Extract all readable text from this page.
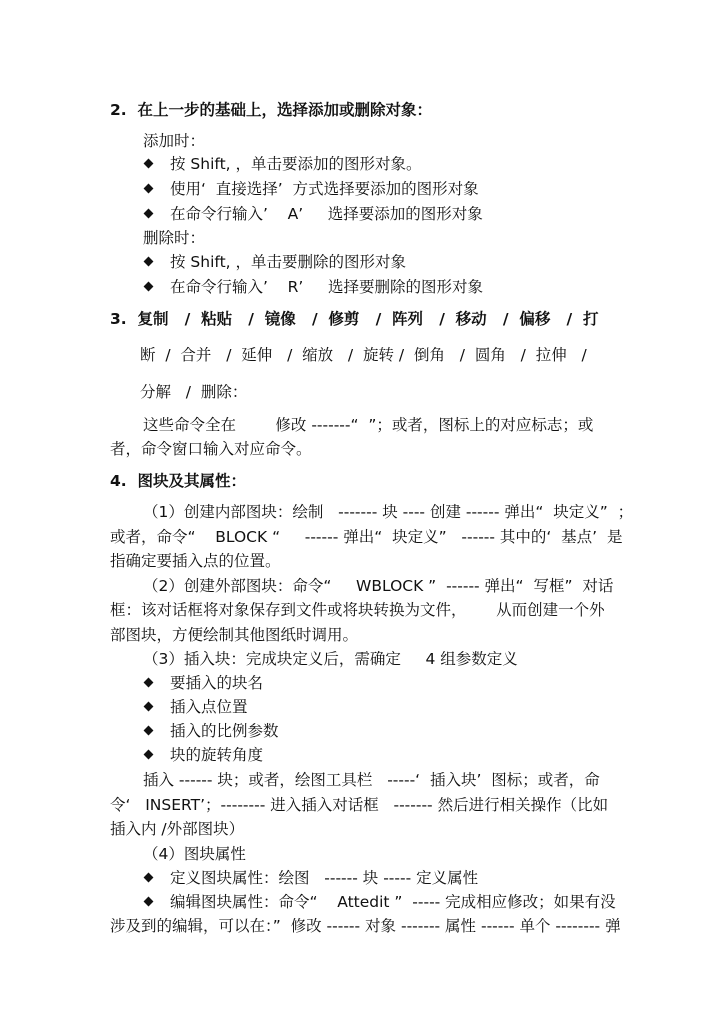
2.  在上一步的基础上，选择添加或删除对象：
添加时：
按 Shift, ，单击要添加的图形对象。
使用‘  直接选择’  方式选择要添加的图形对象
在命令行输入’    A’     选择要添加的图形对象
删除时：
按 Shift, ，单击要删除的图形对象
在命令行输入’    R’     选择要删除的图形对象
3.  复制   /  粘贴   /  镜像   /  修剪   /  阵列   /  移动   /  偏移   /  打
断  /  合并   /  延伸   /  缩放   /  旋转 /  倒角   /  圆角   /  拉伸   /
分解   /  删除：
这些命令全在        修改 -------“  ”；或者，图标上的对应标志；或
者，命令窗口输入对应命令。
4.  图块及其属性：
（1）创建内部图块：绘制   ------- 块 ---- 创建 ------ 弹出“  块定义”  ；
或者，命令“    BLOCK “     ------ 弹出“  块定义”   ------ 其中的‘  基点’  是
指确定要插入点的位置。
（2）创建外部图块：命令“     WBLOCK ”  ------ 弹出“  写框”  对话
框：该对话框将对象保存到文件或将块转换为文件，      从而创建一个外
部图块，方便绘制其他图纸时调用。
（3）插入块：完成块定义后，需确定     4 组参数定义
要插入的块名
插入点位置
插入的比例参数
块的旋转角度
插入 ------ 块；或者，绘图工具栏   -----‘  插入块’  图标；或者，命
令‘   INSERT’；-------- 进入插入对话框   ------- 然后进行相关操作（比如
插入内 /外部图块）
（4）图块属性
定义图块属性：绘图   ------ 块 ----- 定义属性
编辑图块属性：命令“    Attedit ”  ----- 完成相应修改；如果有没
涉及到的编辑，可以在：”  修改 ------ 对象 ------- 属性 ------ 单个 -------- 弹
